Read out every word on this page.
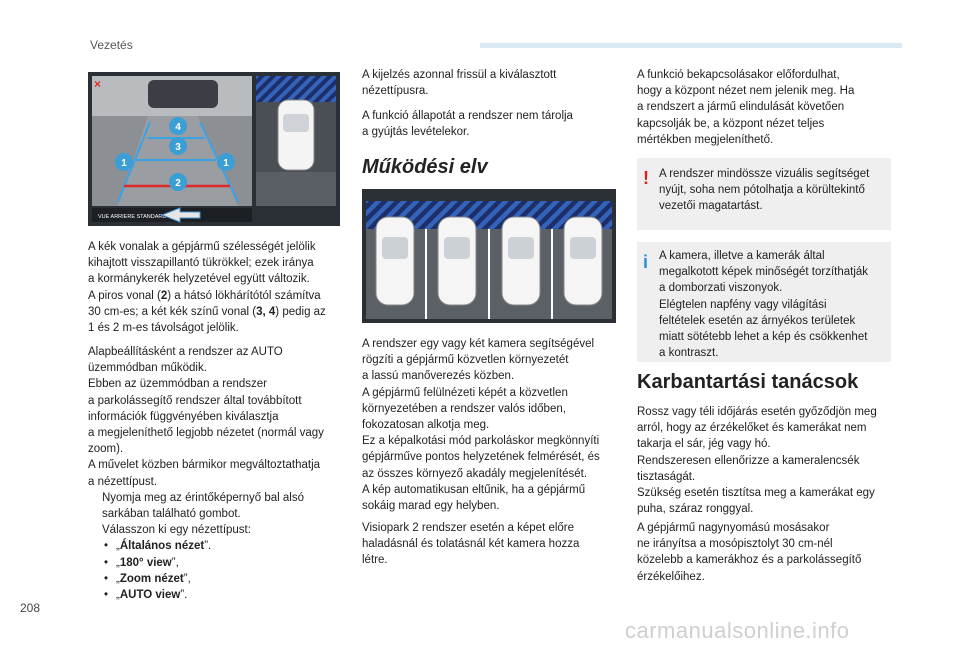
Vezetés
×
4
3
1	1
2
VUE ARRIERE STANDARD

A kék vonalak a gépjármű szélességét jelölik
kihajtott visszapillantó tükrökkel; ezek iránya
a kormánykerék helyzetével együtt változik.
A piros vonal (2) a hátsó lökhárítótól számítva
30 cm-es; a két kék színű vonal (3, 4) pedig az
1 és 2 m-es távolságot jelölik.

Alapbeállításként a rendszer az AUTO
üzemmódban működik.
Ebben az üzemmódban a rendszer
a parkolássegítő rendszer által továbbított
információk függvényében kiválasztja
a megjeleníthető legjobb nézetet (normál vagy
zoom).
A művelet közben bármikor megváltoztathatja
a nézettípust.
Nyomja meg az érintőképernyő bal alsó
sarkában található gombot.
Válasszon ki egy nézettípust:
• „Általános nézet”.
• „180° view”,
• „Zoom nézet”,
• „AUTO view”.

A kijelzés azonnal frissül a kiválasztott
nézettípusra.

A funkció állapotát a rendszer nem tárolja
a gyújtás levételekor.

Működési elv

A rendszer egy vagy két kamera segítségével
rögzíti a gépjármű közvetlen környezetét
a lassú manőverezés közben.
A gépjármű felülnézeti képét a közvetlen
környezetében a rendszer valós időben,
fokozatosan alkotja meg.
Ez a képalkotási mód parkoláskor megkönnyíti
gépjárműve pontos helyzetének felmérését, és
az összes környező akadály megjelenítését.
A kép automatikusan eltűnik, ha a gépjármű
sokáig marad egy helyben.

Visiopark 2 rendszer esetén a képet előre
haladásnál és tolatásnál két kamera hozza
létre.

A funkció bekapcsolásakor előfordulhat,
hogy a központ nézet nem jelenik meg. Ha
a rendszert a jármű elindulását követően
kapcsolják be, a központ nézet teljes
mértékben megjeleníthető.

! A rendszer mindössze vizuális segítséget
nyújt, soha nem pótolhatja a körültekintő
vezetői magatartást.

i A kamera, illetve a kamerák által
megalkotott képek minőségét torzíthatják
a domborzati viszonyok.
Elégtelen napfény vagy világítási
feltételek esetén az árnyékos területek
miatt sötétebb lehet a kép és csökkenhet
a kontraszt.

Karbantartási tanácsok

Rossz vagy téli időjárás esetén győződjön meg
arról, hogy az érzékelőket és kamerákat nem
takarja el sár, jég vagy hó.
Rendszeresen ellenőrizze a kameralencsék
tisztaságát.
Szükség esetén tisztítsa meg a kamerákat egy
puha, száraz ronggyal.

A gépjármű nagynyomású mosásakor
ne irányítsa a mosópisztolyt 30 cm-nél
közelebb a kamerákhoz és a parkolássegítő
érzékelőihez.

208
carmanualsonline.info
